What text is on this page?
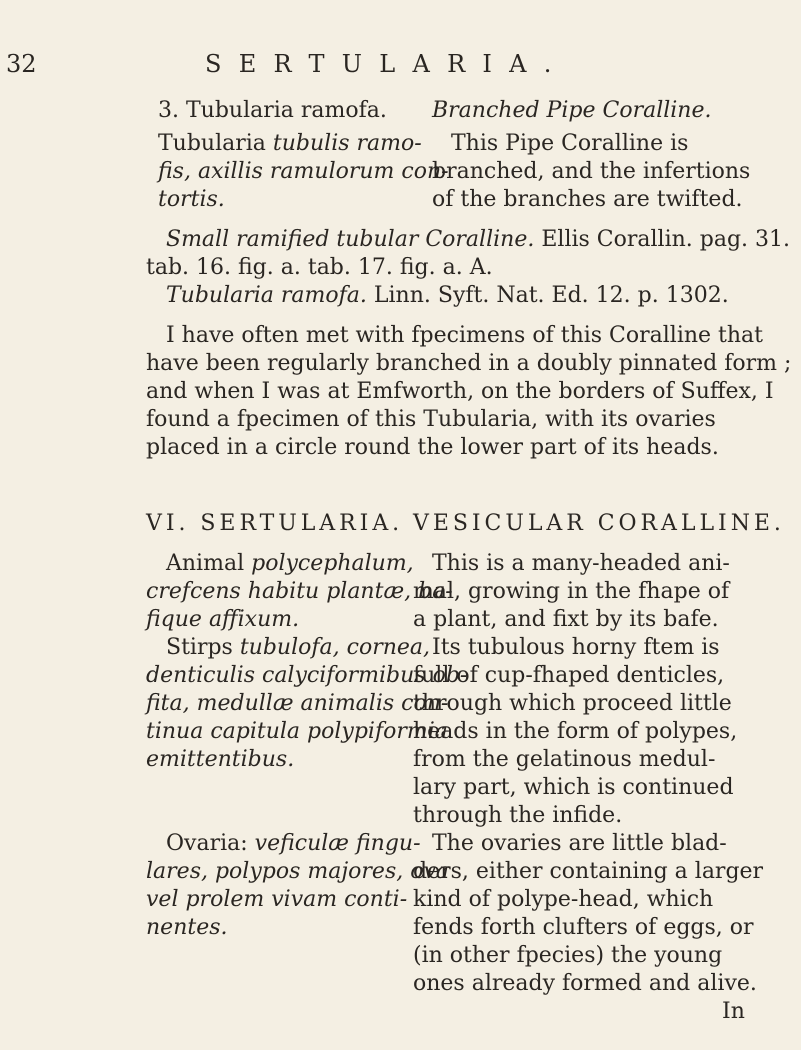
32	SERTULARIA.
3. Tubularia ramofa. Branched Pipe Coralline.
Tubularia tubulis ramo-
fis, axillis ramulorum con-
tortis.
This Pipe Coralline is
branched, and the infertions
of the branches are twifted.
Small ramified tubular Coralline. Ellis Corallin. pag. 31.
tab. 16. fig. a. tab. 17. fig. a. A.
Tubularia ramofa. Linn. Syft. Nat. Ed. 12. p. 1302.
I have often met with fpecimens of this Coralline that
have been regularly branched in a doubly pinnated form ;
and when I was at Emfworth, on the borders of Suffex, I
found a fpecimen of this Tubularia, with its ovaries
placed in a circle round the lower part of its heads.
VI. SERTULARIA. VESICULAR CORALLINE.
Animal polycephalum,
crefcens habitu plantæ, ba-
fique affixum.
Stirps tubulofa, cornea,
denticulis calyciformibus ob-
fita, medullæ animalis con-
tinua capitula polypiformia
emittentibus.
Ovaria: veficulæ fingu-
lares, polypos majores, ova
vel prolem vivam conti-
nentes.
This is a many-headed ani-
mal, growing in the fhape of
a plant, and fixt by its bafe.
Its tubulous horny ftem is
full of cup-fhaped denticles,
through which proceed little
heads in the form of polypes,
from the gelatinous medul-
lary part, which is continued
through the infide.
The ovaries are little blad-
ders, either containing a larger
kind of polype-head, which
fends forth clufters of eggs, or
(in other fpecies) the young
ones already formed and alive.
In
